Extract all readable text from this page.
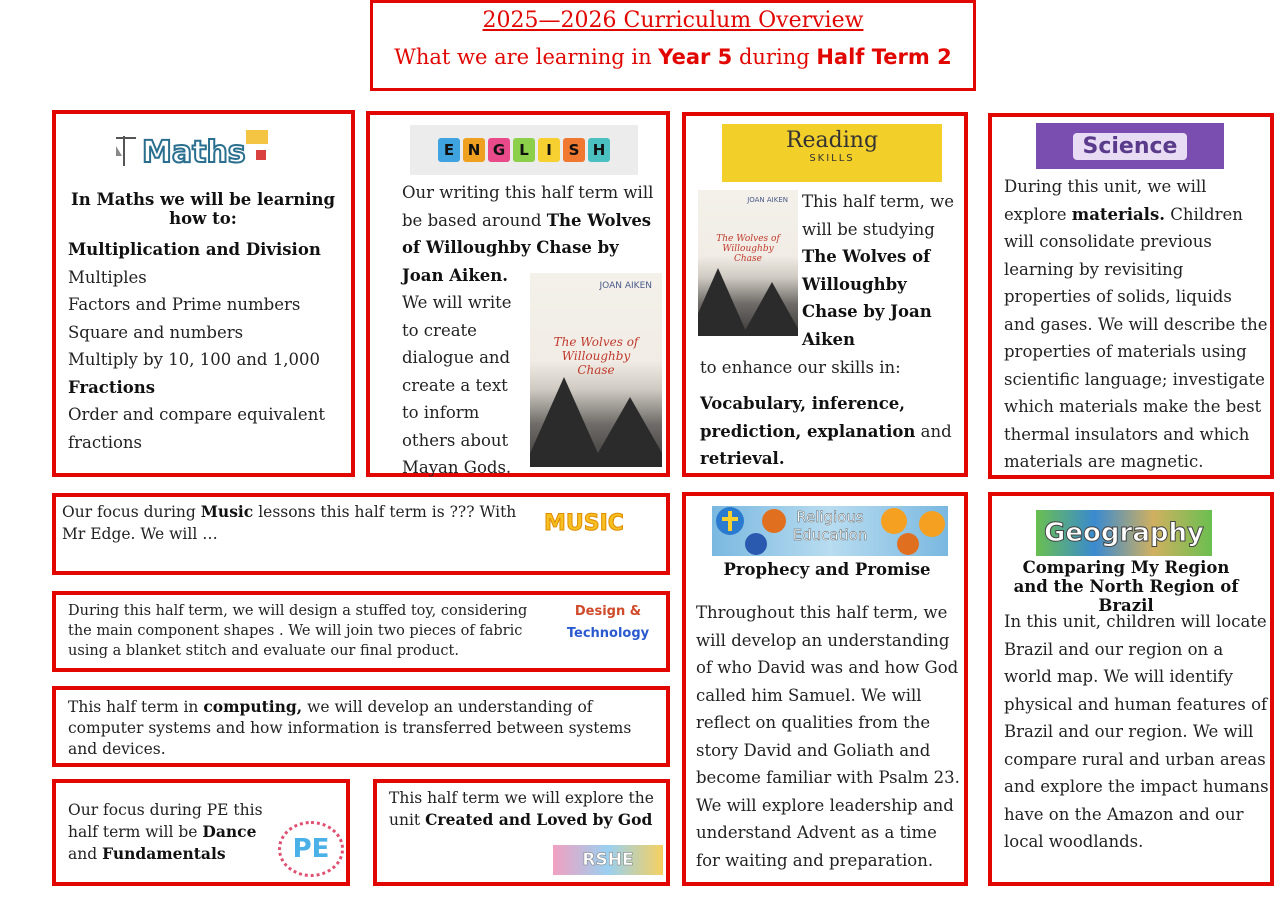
2025—2026 Curriculum Overview
What we are learning in Year 5 during Half Term 2
Maths
In Maths we will be learning how to:
Multiplication and Division
Multiples
Factors and Prime numbers
Square and numbers
Multiply by 10, 100 and 1,000
Fractions
Order and compare equivalent fractions
E N G L	I	S H
JOAN AIKEN
The Wolves of Willoughby Chase
Our writing this half term will be based around The Wolves of Willoughby Chase by Joan Aiken.
We will write to create dialogue and create a text to inform others about Mayan Gods.
Reading
SKILLS
JOAN AIKEN
The Wolves of Willoughby Chase
This half term, we will be studying The Wolves of Willoughby Chase by Joan Aiken
to enhance our skills in:
Vocabulary, inference, prediction, explanation and retrieval.
Science
During this unit, we will explore materials. Children will consolidate previous learning by revisiting properties of solids, liquids and gases. We will describe the properties of materials using scientific language; investigate which materials make the best thermal insulators and which materials are magnetic.
Our focus during Music lessons this half term is ??? With Mr Edge. We will …	MUSIC
During this half term, we will design a stuffed toy, considering the main component shapes . We will join two pieces of fabric using a blanket stitch and evaluate our final product.
Design &
Technology
This half term in computing, we will develop an understanding of computer systems and how information is transferred between systems and devices.
Our focus during PE this half term will be Dance and Fundamentals	PE
This half term we will explore the unit Created and Loved by God
RSHE
Religious
Education
Prophecy and Promise
Throughout this half term, we will develop an understanding of who David was and how God called him Samuel. We will reflect on qualities from the story David and Goliath and become familiar with Psalm 23. We will explore leadership and understand Advent as a time for waiting and preparation.
Geography
Comparing My Region and the North Region of Brazil
In this unit, children will locate Brazil and our region on a world map. We will identify physical and human features of Brazil and our region. We will compare rural and urban areas and explore the impact humans have on the Amazon and our local woodlands.
